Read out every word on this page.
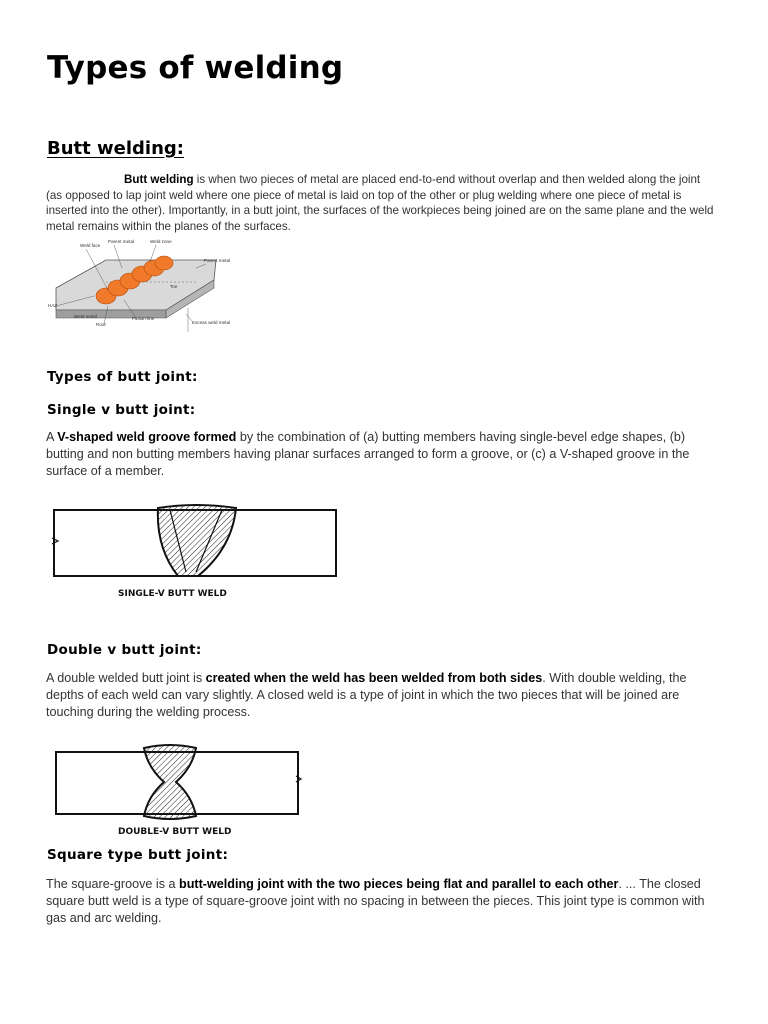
Types of welding
Butt welding:

Butt welding is when two pieces of metal are placed end-to-end without overlap and then welded along the joint (as opposed to lap joint weld where one piece of metal is laid on top of the other or plug welding where one piece of metal is inserted into the other). Importantly, in a butt joint, the surfaces of the workpieces being joined are on the same plane and the weld metal remains within the planes of the surfaces.

Weld face
Parent metal	Weld zone
Parent metal
Toe
HAZ
Weld metal
Root
Fusion line
Excess weld metal
Types of butt joint:
Single v butt joint:

A V-shaped weld groove formed by the combination of (a) butting members having single-bevel edge shapes, (b) butting and non butting members having planar surfaces arranged to form a groove, or (c) a V-shaped groove in the surface of a member.

SINGLE-V BUTT WELD
Double v butt joint:

A double welded butt joint is created when the weld has been welded from both sides. With double welding, the depths of each weld can vary slightly. A closed weld is a type of joint in which the two pieces that will be joined are touching during the welding process.

DOUBLE-V BUTT WELD
Square type butt joint:

The square-groove is a butt-welding joint with the two pieces being flat and parallel to each other. ... The closed square butt weld is a type of square-groove joint with no spacing in between the pieces. This joint type is common with gas and arc welding.
